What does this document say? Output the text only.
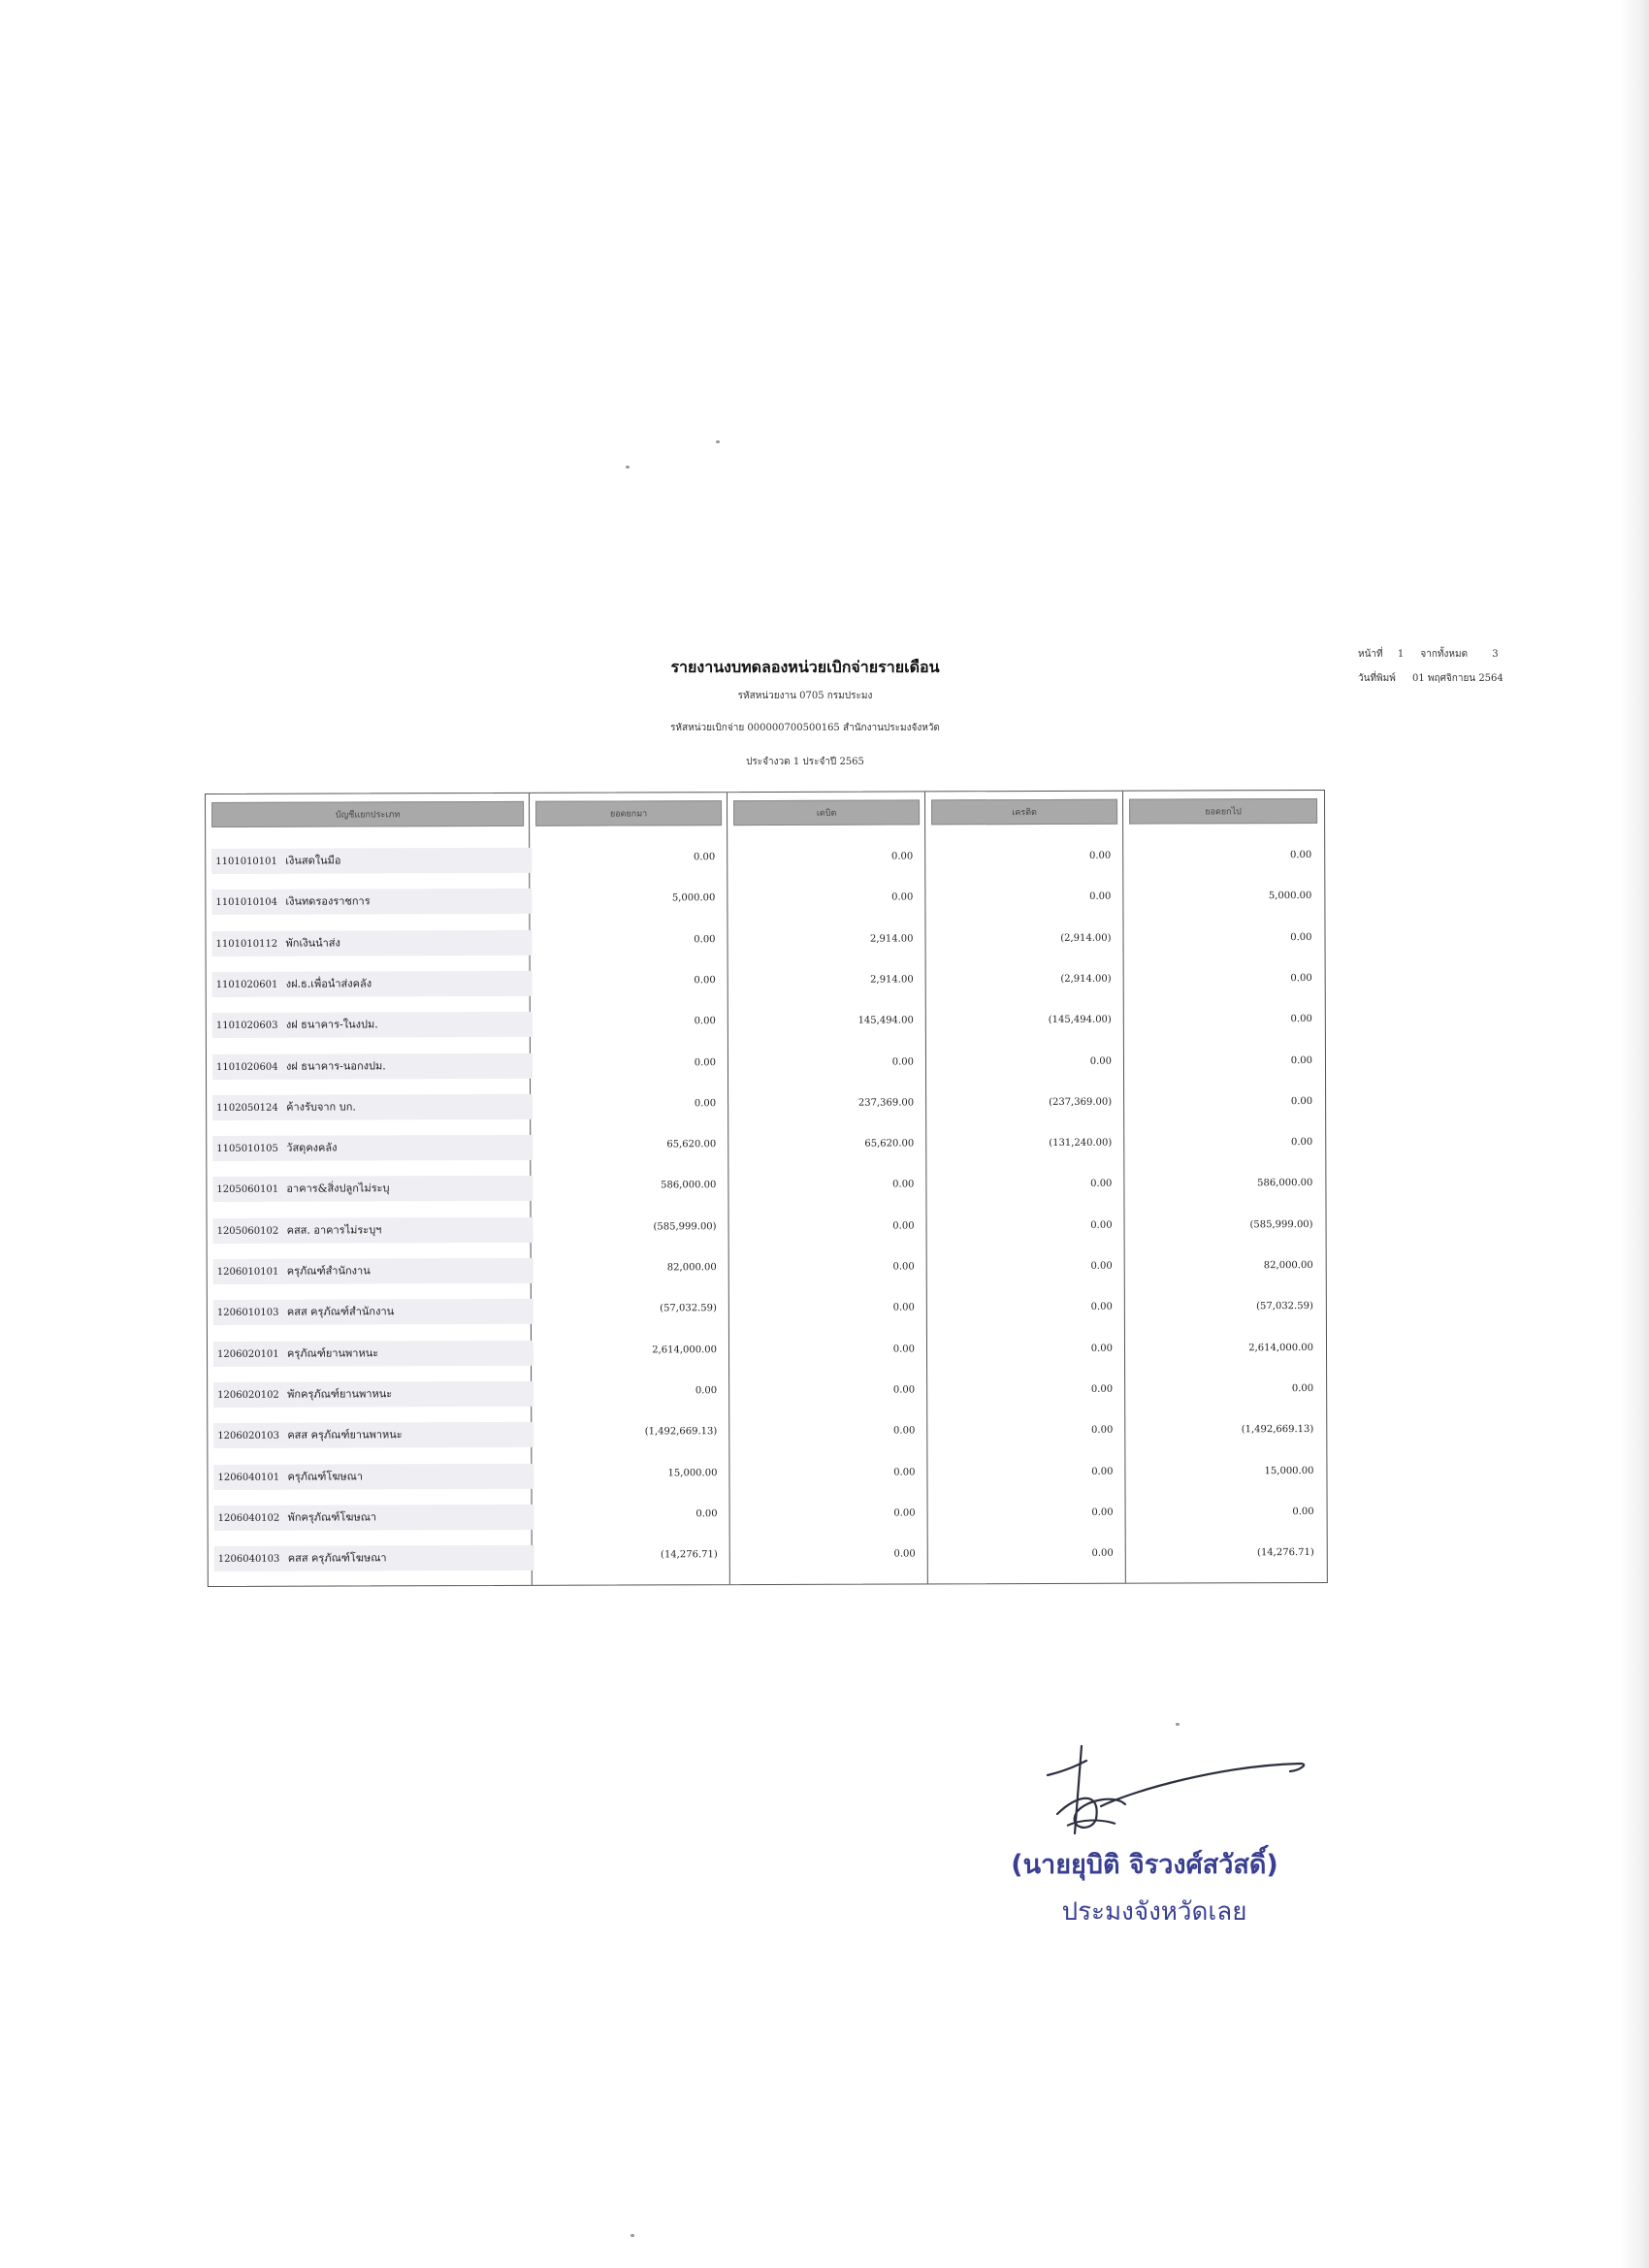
รายงานงบทดลองหน่วยเบิกจ่ายรายเดือน
รหัสหน่วยงาน 0705 กรมประมง
รหัสหน่วยเบิกจ่าย 000000700500165 สำนักงานประมงจังหวัด
ประจำงวด 1 ประจำปี 2565
หน้าที่ 1 จากทั้งหมด	3
วันที่พิมพ์ 01 พฤศจิกายน 2564
บัญชีแยกประเภท	ยอดยกมา	เดบิต	เครดิต	ยอดยกไป
1101010101 เงินสดในมือ	0.00	0.00	0.00	0.00
1101010104 เงินทดรองราชการ	5,000.00	0.00	0.00	5,000.00
1101010112 พักเงินนำส่ง	0.00	2,914.00	(2,914.00)	0.00
1101020601 งฝ.ธ.เพื่อนำส่งคลัง	0.00	2,914.00	(2,914.00)	0.00
1101020603 งฝ ธนาคาร-ในงปม.	0.00	145,494.00	(145,494.00)	0.00
1101020604 งฝ ธนาคาร-นอกงปม.	0.00	0.00	0.00	0.00
1102050124 ค้างรับจาก บก.	0.00	237,369.00	(237,369.00)	0.00
1105010105 วัสดุคงคลัง	65,620.00	65,620.00	(131,240.00)	0.00
1205060101 อาคาร&สิ่งปลูกไม่ระบุ	586,000.00	0.00	0.00	586,000.00
1205060102 คสส. อาคารไม่ระบุฯ	(585,999.00)	0.00	0.00	(585,999.00)
1206010101 ครุภัณฑ์สำนักงาน	82,000.00	0.00	0.00	82,000.00
1206010103 คสส ครุภัณฑ์สำนักงาน	(57,032.59)	0.00	0.00	(57,032.59)
1206020101 ครุภัณฑ์ยานพาหนะ	2,614,000.00	0.00	0.00	2,614,000.00
1206020102 พักครุภัณฑ์ยานพาหนะ	0.00	0.00	0.00	0.00
1206020103 คสส ครุภัณฑ์ยานพาหนะ	(1,492,669.13)	0.00	0.00	(1,492,669.13)
1206040101 ครุภัณฑ์โฆษณา	15,000.00	0.00	0.00	15,000.00
1206040102 พักครุภัณฑ์โฆษณา	0.00	0.00	0.00	0.00
1206040103 คสส ครุภัณฑ์โฆษณา	(14,276.71)	0.00	0.00	(14,276.71)
(นายยุบิติ จิรวงศ์สวัสดิ์)
ประมงจังหวัดเลย
